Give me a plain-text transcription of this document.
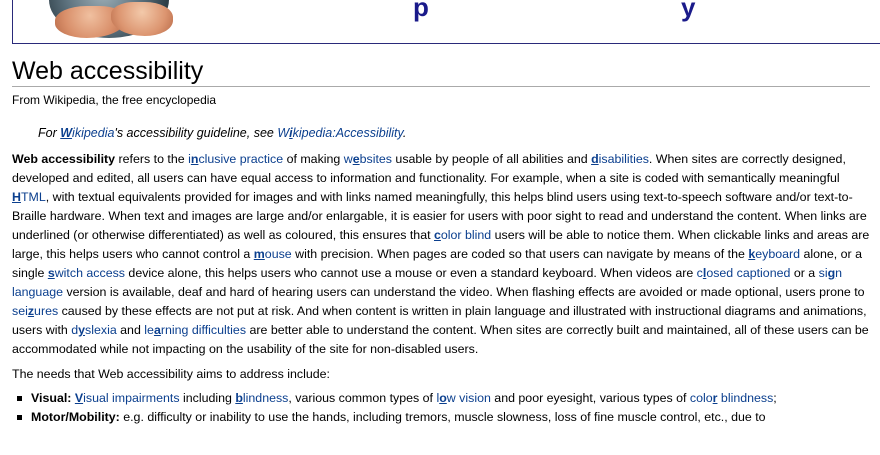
p	y
Web accessibility
From Wikipedia, the free encyclopedia
For Wikipedia's accessibility guideline, see Wikipedia:Accessibility.

Web accessibility refers to the inclusive practice of making websites usable by people of all abilities and disabilities. When sites are correctly designed, developed and edited, all users can have equal access to information and functionality. For example, when a site is coded with semantically meaningful HTML, with textual equivalents provided for images and with links named meaningfully, this helps blind users using text-to-speech software and/or text-to-Braille hardware. When text and images are large and/or enlargable, it is easier for users with poor sight to read and understand the content. When links are underlined (or otherwise differentiated) as well as coloured, this ensures that color blind users will be able to notice them. When clickable links and areas are large, this helps users who cannot control a mouse with precision. When pages are coded so that users can navigate by means of the keyboard alone, or a single switch access device alone, this helps users who cannot use a mouse or even a standard keyboard. When videos are closed captioned or a sign language version is available, deaf and hard of hearing users can understand the video. When flashing effects are avoided or made optional, users prone to seizures caused by these effects are not put at risk. And when content is written in plain language and illustrated with instructional diagrams and animations, users with dyslexia and learning difficulties are better able to understand the content. When sites are correctly built and maintained, all of these users can be accommodated while not impacting on the usability of the site for non-disabled users.

The needs that Web accessibility aims to address include:

Visual: Visual impairments including blindness, various common types of low vision and poor eyesight, various types of color blindness;
Motor/Mobility: e.g. difficulty or inability to use the hands, including tremors, muscle slowness, loss of fine muscle control, etc., due to
